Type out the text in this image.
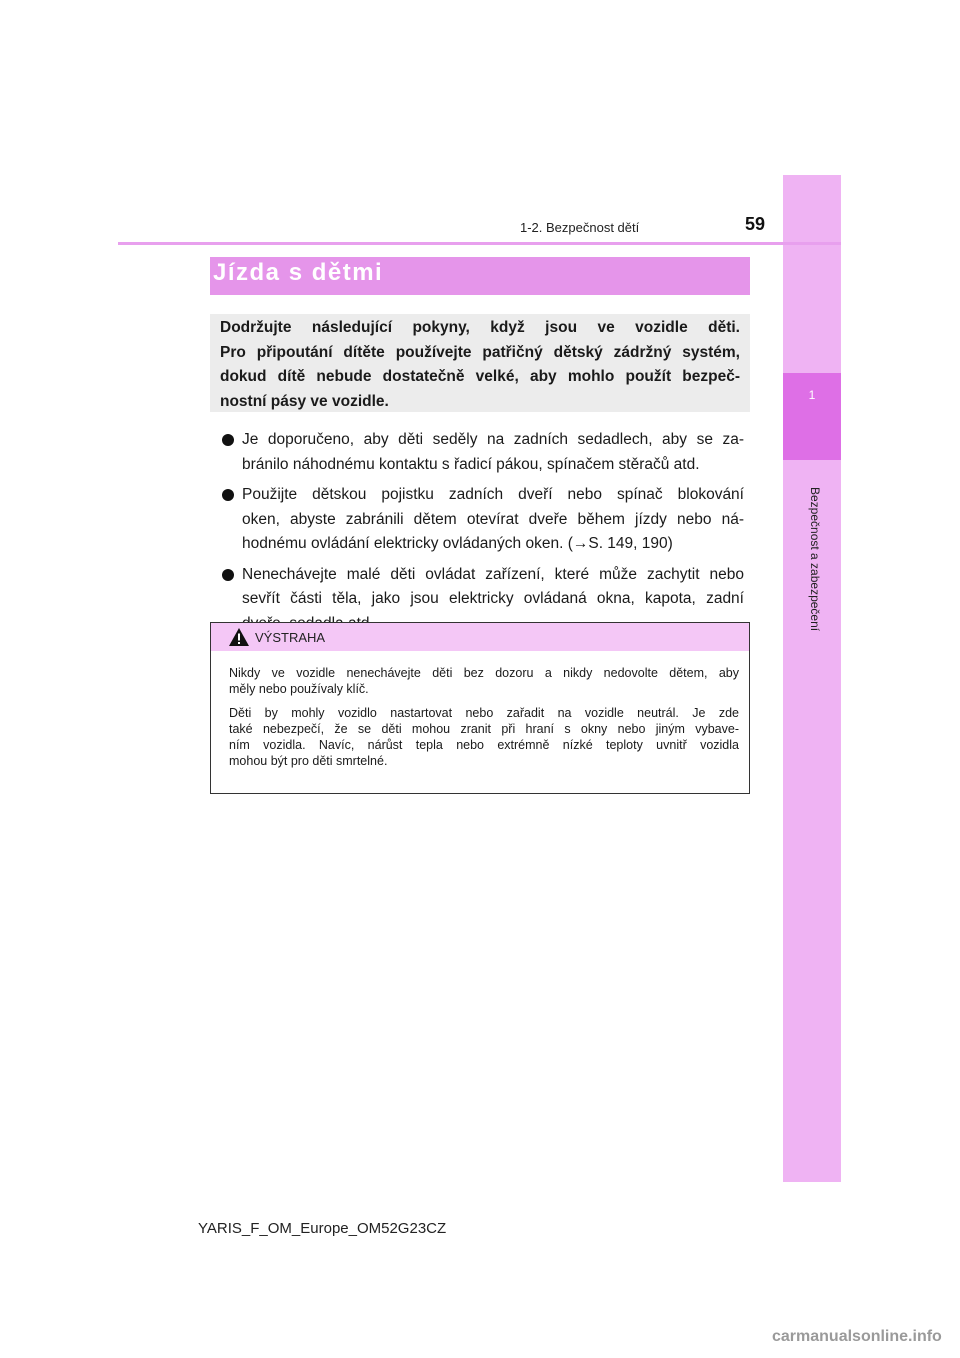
1
Bezpečnost a zabezpečení
1-2. Bezpečnost dětí	59
Jízda s dětmi
Dodržujte následující pokyny, když jsou ve vozidle děti.
Pro připoutání dítěte používejte patřičný dětský zádržný systém,
dokud dítě nebude dostatečně velké, aby mohlo použít bezpeč-
nostní pásy ve vozidle.
Je doporučeno, aby děti seděly na zadních sedadlech, aby se za-
bránilo náhodnému kontaktu s řadicí pákou, spínačem stěračů atd.
Použijte dětskou pojistku zadních dveří nebo spínač blokování
oken, abyste zabránili dětem otevírat dveře během jízdy nebo ná-
hodnému ovládání elektricky ovládaných oken. (→S. 149, 190)
Nenechávejte malé děti ovládat zařízení, které může zachytit nebo
sevřít části těla, jako jsou elektricky ovládaná okna, kapota, zadní
VÝSTRAHA
Nikdy ve vozidle nenechávejte děti bez dozoru a nikdy nedovolte dětem, aby
měly nebo používaly klíč.
Děti by mohly vozidlo nastartovat nebo zařadit na vozidle neutrál. Je zde
také nebezpečí, že se děti mohou zranit při hraní s okny nebo jiným vybave-
ním vozidla. Navíc, nárůst tepla nebo extrémně nízké teploty uvnitř vozidla
mohou být pro děti smrtelné.
YARIS_F_OM_Europe_OM52G23CZ
carmanualsonline.info
